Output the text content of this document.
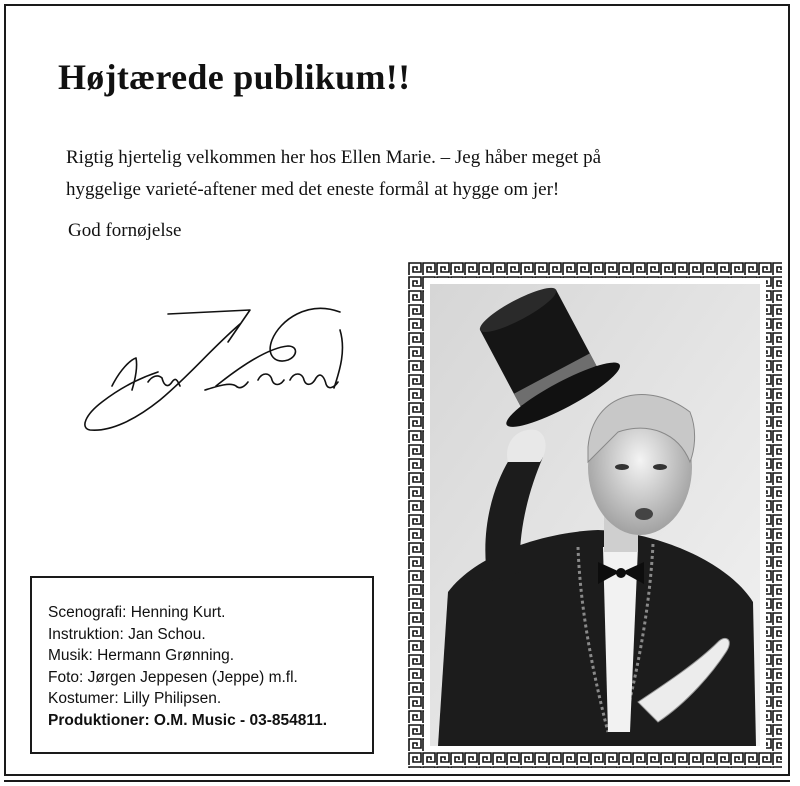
Højtærede publikum!!
Rigtig hjertelig velkommen her hos Ellen Marie. – Jeg håber meget på
hyggelige varieté-aftener med det eneste formål at hygge om jer!
God fornøjelse
Scenografi: Henning Kurt.
Instruktion: Jan Schou.
Musik: Hermann Grønning.
Foto: Jørgen Jeppesen (Jeppe) m.fl.
Kostumer: Lilly Philipsen.
Produktioner: O.M. Music - 03-854811.
